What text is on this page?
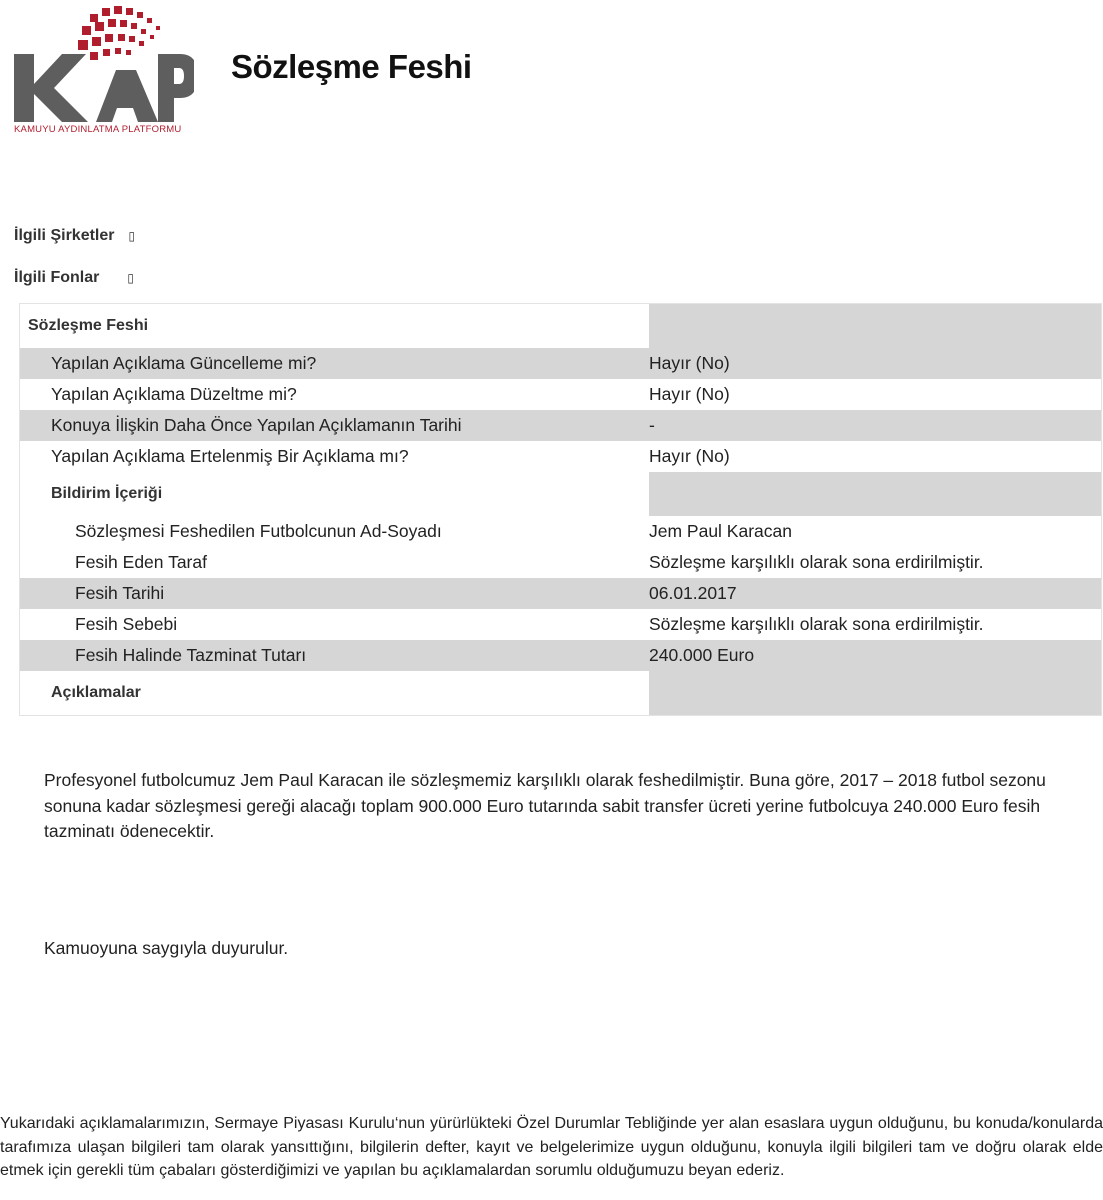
KAMUYU AYDINLATMA PLATFORMU
Sözleşme Feshi
İlgili Şirketler ▯
İlgili Fonlar ▯
Sözleşme Feshi
Yapılan Açıklama Güncelleme mi?	Hayır (No)
Yapılan Açıklama Düzeltme mi?	Hayır (No)
Konuya İlişkin Daha Önce Yapılan Açıklamanın Tarihi	-
Yapılan Açıklama Ertelenmiş Bir Açıklama mı?	Hayır (No)
Bildirim İçeriği
Sözleşmesi Feshedilen Futbolcunun Ad-Soyadı	Jem Paul Karacan
Fesih Eden Taraf	Sözleşme karşılıklı olarak sona erdirilmiştir.
Fesih Tarihi	06.01.2017
Fesih Sebebi	Sözleşme karşılıklı olarak sona erdirilmiştir.
Fesih Halinde Tazminat Tutarı	240.000 Euro
Açıklamalar
Profesyonel futbolcumuz Jem Paul Karacan ile sözleşmemiz karşılıklı olarak feshedilmiştir. Buna göre, 2017 – 2018 futbol sezonu sonuna kadar sözleşmesi gereği alacağı toplam 900.000 Euro tutarında sabit transfer ücreti yerine futbolcuya 240.000 Euro fesih tazminatı ödenecektir.
Kamuoyuna saygıyla duyurulur.
Yukarıdaki açıklamalarımızın, Sermaye Piyasası Kurulu‘nun yürürlükteki Özel Durumlar Tebliğinde yer alan esaslara uygun olduğunu, bu konuda/konularda tarafımıza ulaşan bilgileri tam olarak yansıttığını, bilgilerin defter, kayıt ve belgelerimize uygun olduğunu, konuyla ilgili bilgileri tam ve doğru olarak elde etmek için gerekli tüm çabaları gösterdiğimizi ve yapılan bu açıklamalardan sorumlu olduğumuzu beyan ederiz.
